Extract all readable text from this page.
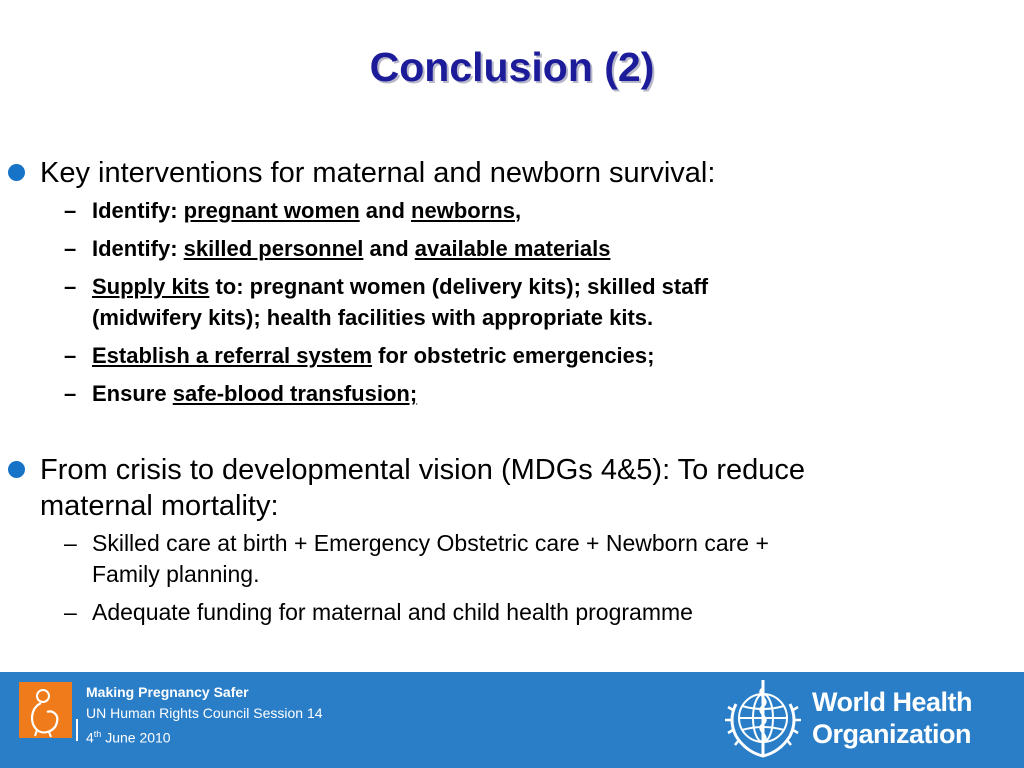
Conclusion (2)
Key interventions for maternal and newborn survival:
– Identify: pregnant women and newborns,
– Identify: skilled personnel and available materials
– Supply kits to: pregnant women (delivery kits); skilled staff
(midwifery kits); health facilities with appropriate kits.
– Establish a referral system for obstetric emergencies;
– Ensure safe-blood transfusion;
From crisis to developmental vision (MDGs 4&5): To reduce
maternal mortality:
– Skilled care at birth + Emergency Obstetric care + Newborn care +
Family planning.
– Adequate funding for maternal and child health programme
Making Pregnancy Safer
UN Human Rights Council Session 14
4th June 2010
World Health
Organization
